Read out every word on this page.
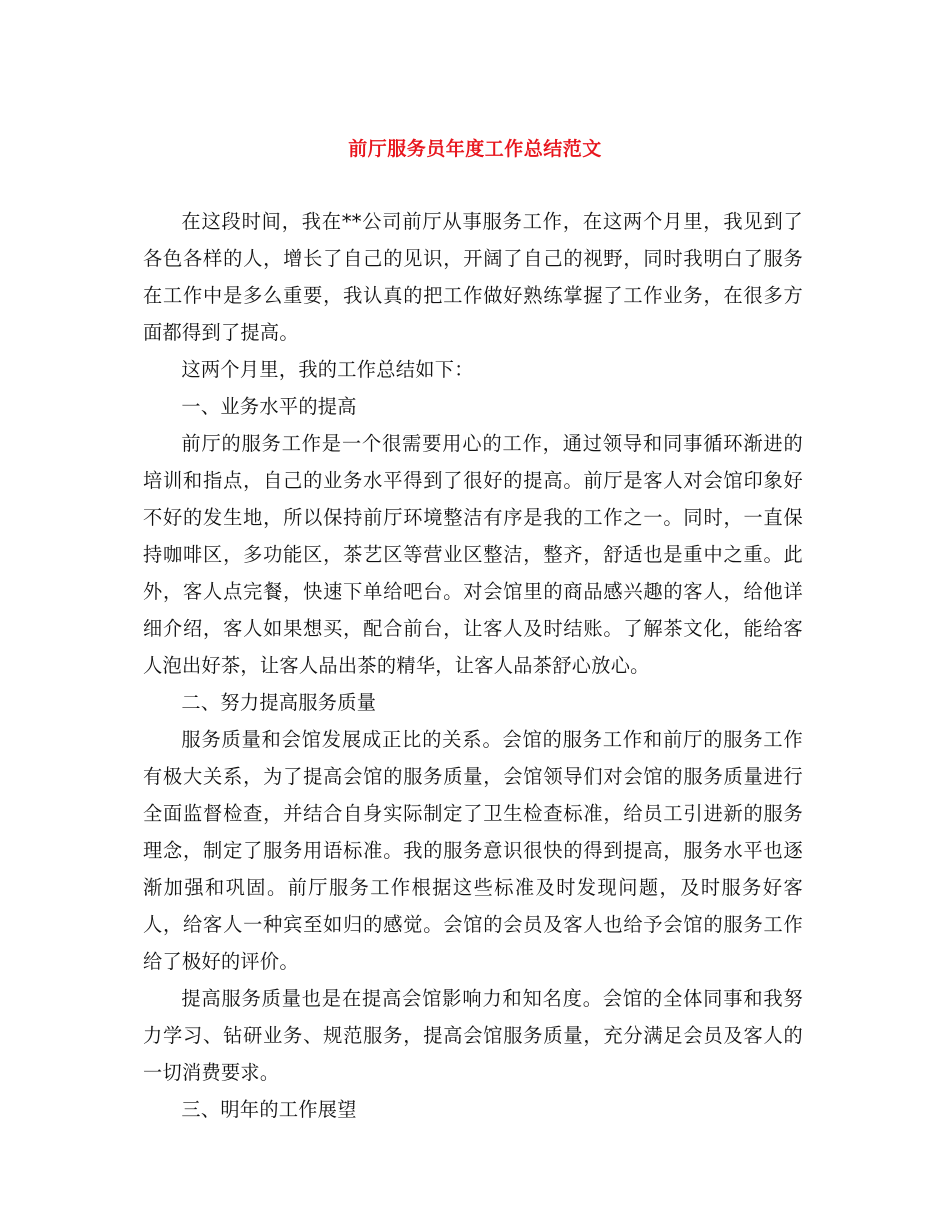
前厅服务员年度工作总结范文

在这段时间，我在**公司前厅从事服务工作，在这两个月里，我见到了各色各样的人，增长了自己的见识，开阔了自己的视野，同时我明白了服务在工作中是多么重要，我认真的把工作做好熟练掌握了工作业务，在很多方面都得到了提高。

这两个月里，我的工作总结如下：

一、业务水平的提高

前厅的服务工作是一个很需要用心的工作，通过领导和同事循环渐进的培训和指点，自己的业务水平得到了很好的提高。前厅是客人对会馆印象好不好的发生地，所以保持前厅环境整洁有序是我的工作之一。同时，一直保持咖啡区，多功能区，茶艺区等营业区整洁，整齐，舒适也是重中之重。此外，客人点完餐，快速下单给吧台。对会馆里的商品感兴趣的客人，给他详细介绍，客人如果想买，配合前台，让客人及时结账。了解茶文化，能给客人泡出好茶，让客人品出茶的精华，让客人品茶舒心放心。

二、努力提高服务质量

服务质量和会馆发展成正比的关系。会馆的服务工作和前厅的服务工作有极大关系，为了提高会馆的服务质量，会馆领导们对会馆的服务质量进行全面监督检查，并结合自身实际制定了卫生检查标准，给员工引进新的服务理念，制定了服务用语标准。我的服务意识很快的得到提高，服务水平也逐渐加强和巩固。前厅服务工作根据这些标准及时发现问题，及时服务好客人，给客人一种宾至如归的感觉。会馆的会员及客人也给予会馆的服务工作给了极好的评价。

提高服务质量也是在提高会馆影响力和知名度。会馆的全体同事和我努力学习、钻研业务、规范服务，提高会馆服务质量，充分满足会员及客人的一切消费要求。

三、明年的工作展望
